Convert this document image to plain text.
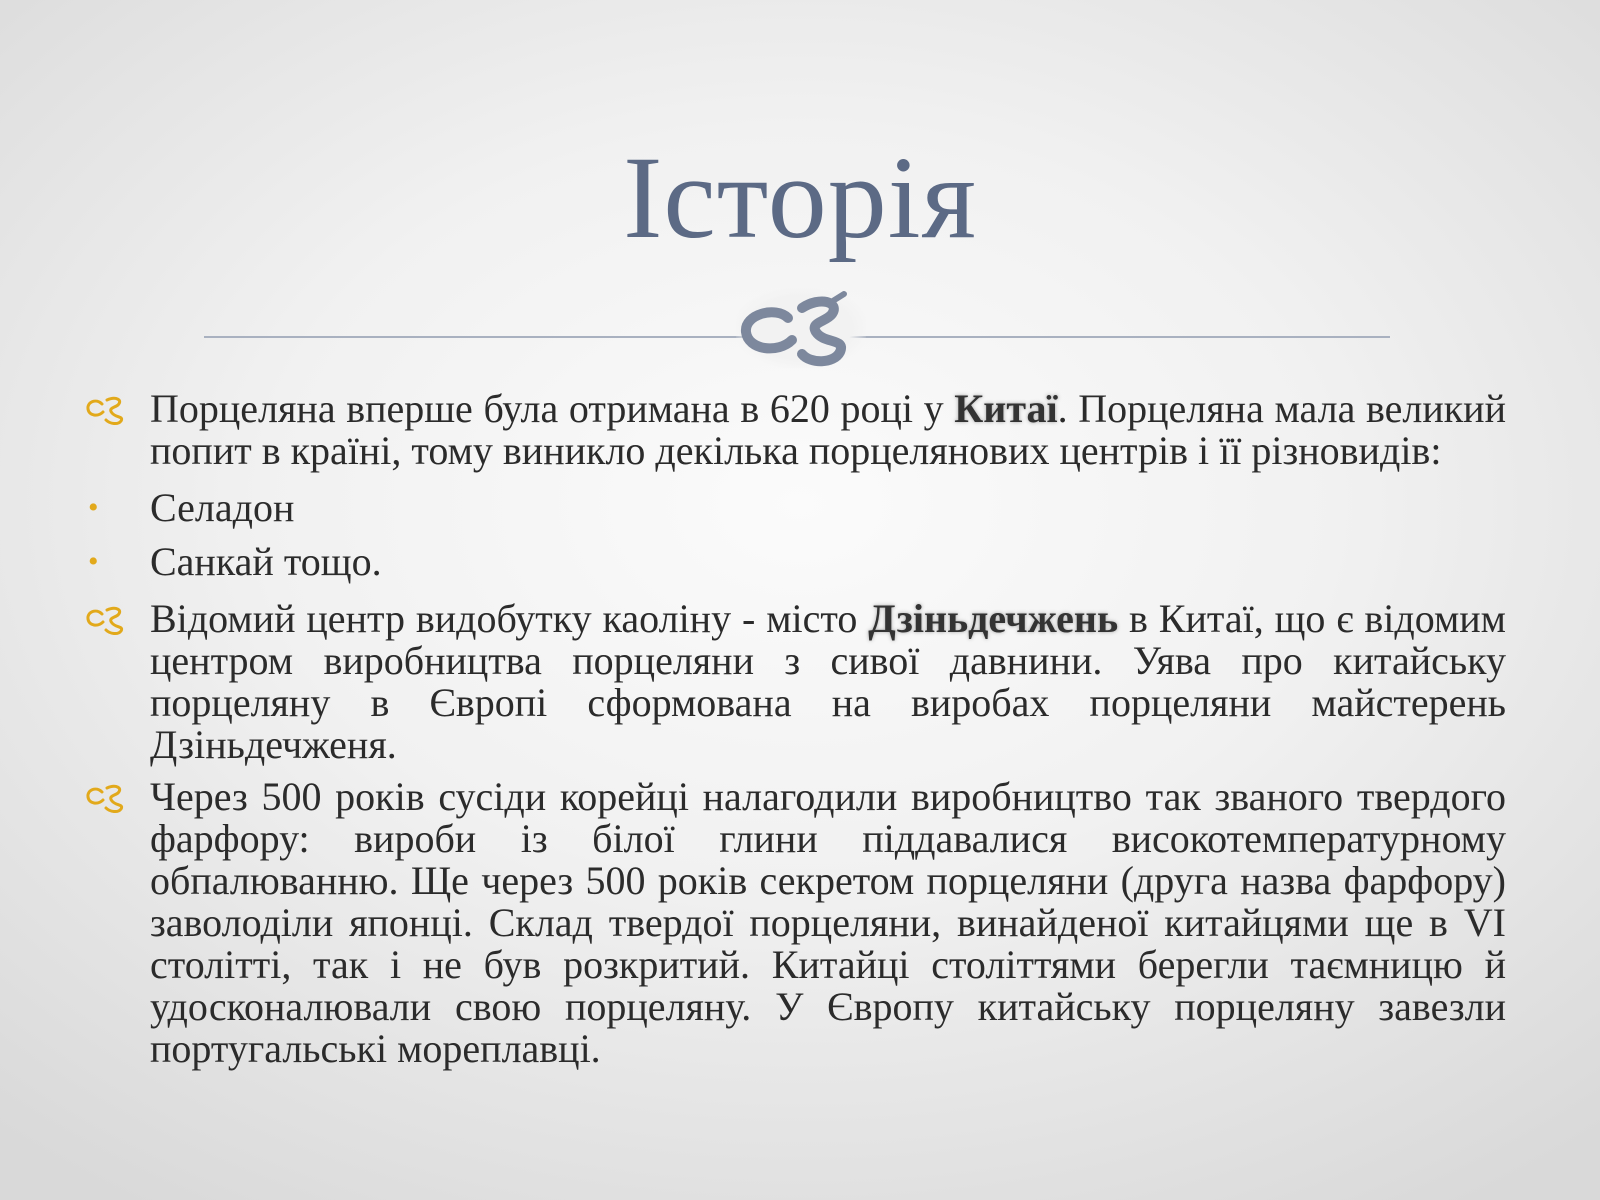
Історія
Порцеляна вперше була отримана в 620 році у Китаї. Порцеляна мала великий попит в країні, тому виникло декілька порцелянових центрів і її різновидів:
• Селадон
• Санкай тощо.
Відомий центр видобутку каоліну - місто Дзіньдечжень в Китаї, що є відомим центром виробництва порцеляни з сивої давнини. Уява про китайську порцеляну в Європі сформована на виробах порцеляни майстерень Дзіньдечженя.
Через 500 років сусіди корейці налагодили виробництво так званого твердого фарфору: вироби із білої глини піддавалися високотемпературному обпалюванню. Ще через 500 років секретом порцеляни (друга назва фарфору) заволоділи японці. Склад твердої порцеляни, винайденої китайцями ще в VI столітті, так і не був розкритий. Китайці століттями берегли таємницю й удосконалювали свою порцеляну. У Європу китайську порцеляну завезли португальські мореплавці.
